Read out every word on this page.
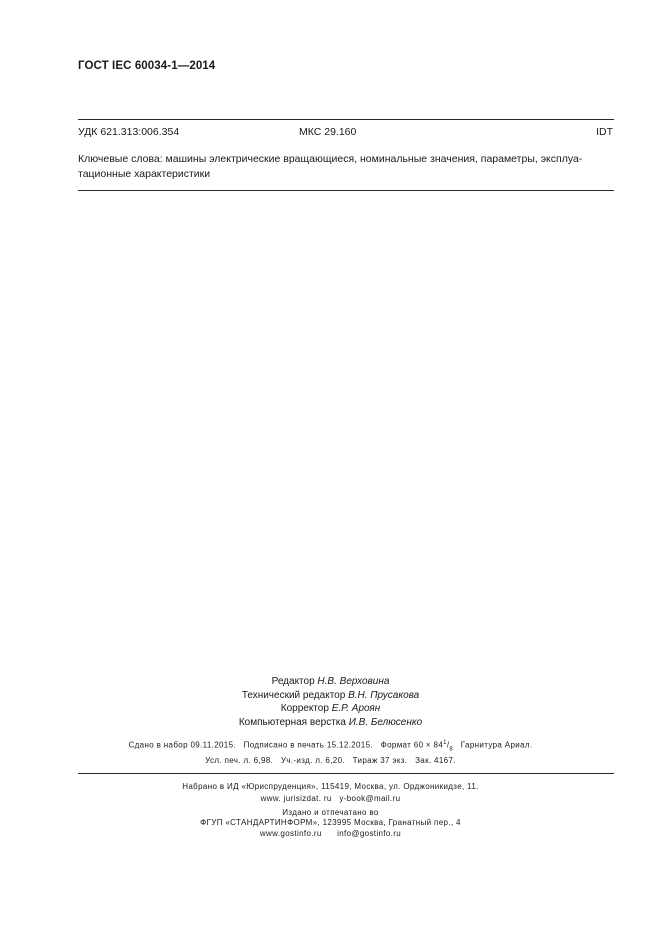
ГОСТ IEC 60034-1—2014
УДК 621.313:006.354	МКС 29.160	IDT
Ключевые слова: машины электрические вращающиеся, номинальные значения, параметры, эксплуа-
тационные характеристики
Редактор Н.В. Верховина
Технический редактор В.Н. Прусакова
Корректор Е.Р. Ароян
Компьютерная верстка И.В. Белюсенко
Сдано в набор 09.11.2015.   Подписано в печать 15.12.2015.   Формат $60 \times 84^1/_8$   Гарнитура Ариал.
Усл. печ. л. 6,98.   Уч.-изд. л. 6,20.   Тираж 37 экз.   Зак. 4167.
Набрано в ИД «Юриспруденция», 115419, Москва, ул. Орджоникидзе, 11.
www. jurisizdat. ru   y-book@mail.ru
Издано и отпечатано во
ФГУП «СТАНДАРТИНФОРМ», 123995 Москва, Гранатный пер., 4
www.gostinfo.ru      info@gostinfo.ru
